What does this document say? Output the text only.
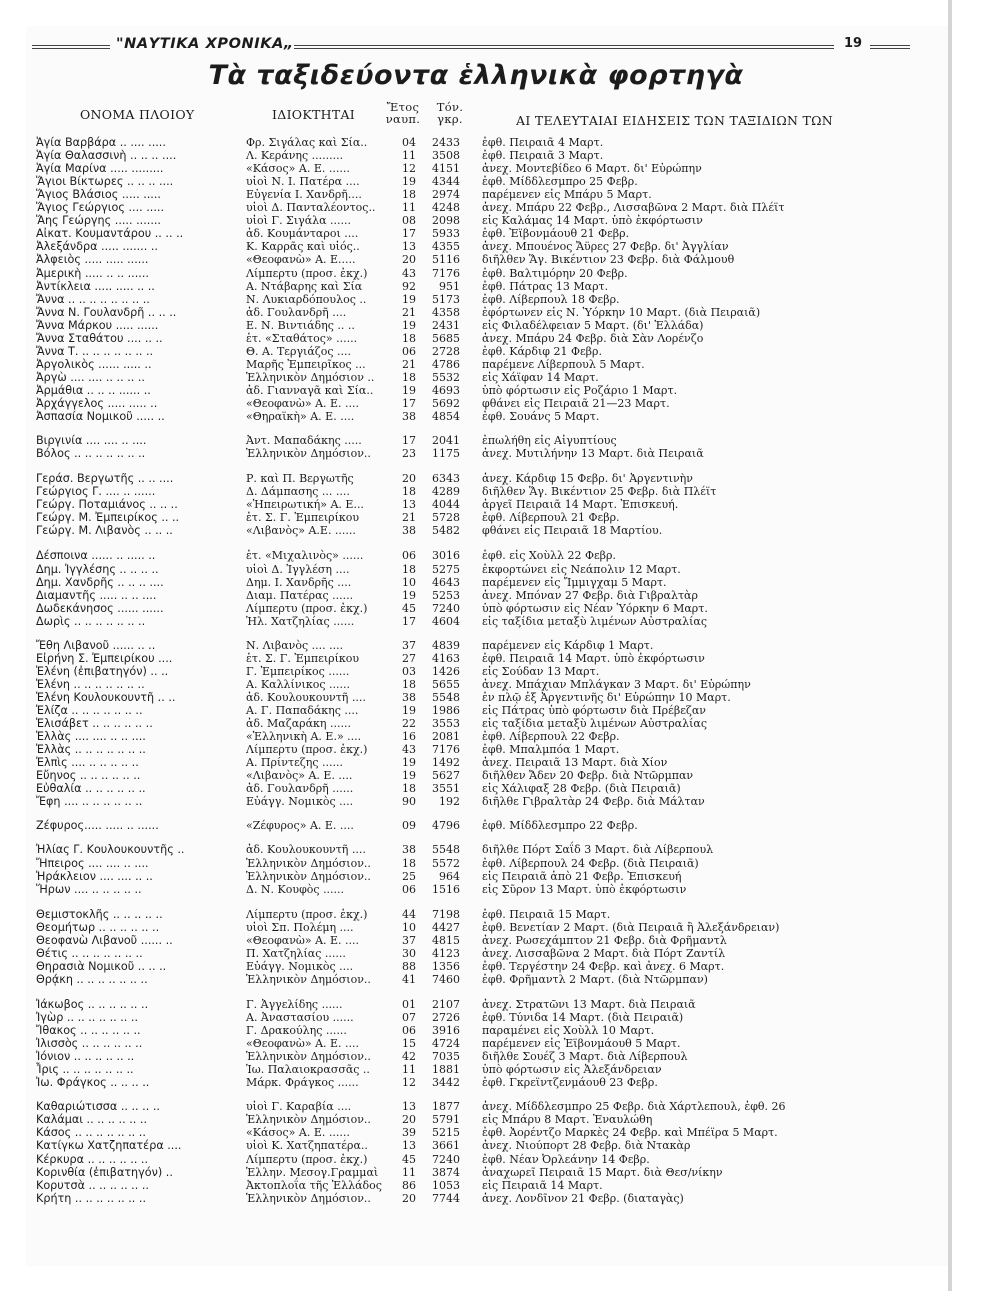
"ΝΑΥΤΙΚΑ ΧΡΟΝΙΚΑ„	19
Τὰ ταξιδεύοντα ἑλληνικὰ φορτηγὰ
ΟΝΟΜΑ ΠΛΟΙΟΥ	ΙΔΙΟΚΤΗΤΑΙ	Ἔτος
ναυπ.
Τόν.
γκρ.	ΑΙ ΤΕΛΕΥΤΑΙΑΙ ΕΙΔΗΣΕΙΣ ΤΩΝ ΤΑΞΙΔΙΩΝ ΤΩΝ
Ἁγία Βαρβάρα .. .... .....	Φρ. Σιγάλας καὶ Σία..	04	2433 ἐφθ. Πειραιᾶ 4 Μαρτ.
Ἁγία Θαλασσινὴ .. .. .. ....	Λ. Κεράνης .........	11	3508 ἐφθ. Πειραιᾶ 3 Μαρτ.
Ἁγία Μαρίνα ..... .........	«Κάσος» Α. Ε. ......	12	4151 ἀνεχ. Μοντεβίδεο 6 Μαρτ. δι' Εὐρώπην
Ἅγιοι Βίκτωρες .. .. .. ....	υἱοὶ Ν. Ι. Πατέρα ....	19	4344 ἐφθ. Μίδδλεσμπρο 25 Φεβρ.
Ἅγιος Βλάσιος ..... .....	Εὐγενία Ι. Χανδρῆ....	18	2974 παρέμενεν εἰς Μπάρυ 5 Μαρτ.
Ἅγιος Γεώργιος .... .....	υἱοὶ Δ. Πανταλέοντος..	11	4248 ἀνεχ. Μπάρυ 22 Φεβρ., Λισσαβῶνα 2 Μαρτ. διὰ Πλέϊτ
Ἅης Γεώργης ..... .......	υἱοὶ Γ. Σιγάλα ......	08	2098 εἰς Καλάμας 14 Μαρτ. ὑπὸ ἐκφόρτωσιν
Αἰκατ. Κουμαντάρου .. .. ..	ἀδ. Κουμάνταροι ....	17	5933 ἐφθ. Ἐϊβονμάουθ 21 Φεβρ.
Ἀλεξάνδρα ..... ....... ..	Κ. Καρρᾶς καὶ υἱός..	13	4355 ἀνεχ. Μπουένος Ἄϋρες 27 Φεβρ. δι' Ἀγγλίαν
Ἀλφειὸς ..... ..... ......	«Θεοφανὼ» Α. Ε.....	20	5116 διῆλθεν Ἅγ. Βικέντιον 23 Φεβρ. διὰ Φάλμουθ
Ἀμερικὴ ..... .. .. ......	Λίμπερτυ (προσ. ἐκχ.)	43	7176 ἐφθ. Βαλτιμόρην 20 Φεβρ.
Ἀντίκλεια ..... ..... .. ..	Α. Ντάβαρης καὶ Σία	92	951 ἐφθ. Πάτρας 13 Μαρτ.
Ἄννα .. .. .. .. .. .. .. ..	Ν. Λυκιαρδόπουλος ..	19	5173 ἐφθ. Λίβερπουλ 18 Φεβρ.
Ἄννα Ν. Γουλανδρῆ .. .. ..	ἀδ. Γουλανδρῆ ....	21	4358 ἐφόρτωνεν εἰς Ν. Ὑόρκην 10 Μαρτ. (διὰ Πειραιᾶ)
Ἄννα Μάρκου ..... ......	Ε. Ν. Βιντιάδης .. ..	19	2431 εἰς Φιλαδέλφειαν 5 Μαρτ. (δι' Ἑλλάδα)
Ἄννα Σταθάτου .... .. ..	ἑτ. «Σταθάτος» ......	18	5685 ἀνεχ. Μπάρυ 24 Φεβρ. διὰ Σὰν Λορένζο
Ἄννα Τ. .. .. .. .. .. .. ..	Θ. Α. Τεργιάζος ....	06	2728 ἐφθ. Κάρδιφ 21 Φεβρ.
Ἀργολικὸς ...... ..... ..	Μαρῆς Ἐμπειρῖκος ...	21	4786 παρέμενε Λίβερπουλ 5 Μαρτ.
Ἀργὼ .... .... .. .. .. ..	Ἑλληνικὸν Δημόσιον ..	18	5532 εἰς Χάϊφαν 14 Μαρτ.
Ἀρμάθια .. .. .. ...... ..	ἀδ. Γιανναγᾶ καὶ Σία..	19	4693 ὑπὸ φόρτωσιν εἰς Ροζάριο 1 Μαρτ.
Ἀρχάγγελος ..... ..... ..	«Θεοφανὼ» Α. Ε. ....	17	5692 φθάνει εἰς Πειραιᾶ 21—23 Μαρτ.
Ἀσπασία Νομικοῦ ..... ..	«Θηραϊκὴ» Α. Ε. ....	38	4854 ἐφθ. Σουάνς 5 Μαρτ.
Βιργινία .... .... .. ....	Ἀντ. Μαπαδάκης .....	17	2041 ἐπωλήθη εἰς Αἰγυπτίους
Βόλος .. .. .. .. .. .. ..	Ἑλληνικὸν Δημόσιον..	23	1175 ἀνεχ. Μυτιλήνην 13 Μαρτ. διὰ Πειραιᾶ
Γεράσ. Βεργωτῆς .. .. ....	Ρ. καὶ Π. Βεργωτῆς	20	6343 ἀνεχ. Κάρδιφ 15 Φεβρ. δι' Ἀργεντινὴν
Γεώργιος Γ. .... .. ......	Δ. Δάμπασης ... ....	18	4289 διῆλθεν Ἅγ. Βικέντιον 25 Φεβρ. διὰ Πλέϊτ
Γεώργ. Ποταμιάνος .. .. ..	«Ἠπειρωτική» Α. Ε...	13	4044 ἀργεῖ Πειραιᾶ 14 Μαρτ. Ἐπισκευή.
Γεώργ. Μ. Ἐμπειρίκος .. ..	ἑτ. Σ. Γ. Ἐμπειρίκου	21	5728 ἐφθ. Λίβερπουλ 21 Φεβρ.
Γεώργ. Μ. Λιβανὸς .. .. ..	«Λιβανὸς» Α.Ε. ......	38	5482 φθάνει εἰς Πειραιᾶ 18 Μαρτίου.
Δέσποινα ...... .. ..... ..	ἑτ. «Μιχαλινὸς» ......	06	3016 ἐφθ. εἰς Χοὺλλ 22 Φεβρ.
Δημ. Ἰγγλέσης .. .. .. ..	υἱοὶ Δ. Ἰγγλέση ....	18	5275 ἐκφορτώνει εἰς Νεάπολιν 12 Μαρτ.
Δημ. Χανδρῆς .. .. .. ....	Δημ. Ι. Χανδρῆς ....	10	4643 παρέμενεν εἰς Ἴμμιγχαμ 5 Μαρτ.
Διαμαντῆς ..... .. .. ....	Διαμ. Πατέρας ......	19	5253 ἀνεχ. Μπόναν 27 Φεβρ. διὰ Γιβραλτὰρ
Δωδεκάνησος ...... ......	Λίμπερτυ (προσ. ἐκχ.)	45	7240 ὑπὸ φόρτωσιν εἰς Νέαν Ὑόρκην 6 Μαρτ.
Δωρὶς .. .. .. .. .. .. ..	Ἠλ. Χατζηλίας ......	17	4604 εἰς ταξίδια μεταξὺ λιμένων Αὐστραλίας
Ἔθη Λιβανοῦ ...... .. ..	Ν. Λιβανὸς .... ....	37	4839 παρέμενεν εἰς Κάρδιφ 1 Μαρτ.
Εἰρήνη Σ. Ἐμπειρίκου ....	ἑτ. Σ. Γ. Ἐμπειρίκου	27	4163 ἐφθ. Πειραιᾶ 14 Μαρτ. ὑπὸ ἐκφόρτωσιν
Ἑλένη (ἐπιβατηγόν) .. ..	Γ. Ἐμπειρίκος ......	03	1426 εἰς Σούδαν 13 Μαρτ.
Ἑλένη .. .. .. .. .. .. ..	Α. Καλλίνικος ......	18	5655 ἀνεχ. Μπάχιαν Μπλάγκαν 3 Μαρτ. δι' Εὐρώπην
Ἑλένη Κουλουκουντῆ .. ..	ἀδ. Κουλουκουντῆ ....	38	5548 ἐν πλῷ ἐξ Ἀργεντινῆς δι' Εὐρώπην 10 Μαρτ.
Ἑλίζα .. .. .. .. .. .. ..	Α. Γ. Παπαδάκης ....	19	1986 εἰς Πάτρας ὑπὸ φόρτωσιν διὰ Πρέβεζαν
Ἑλισάβετ .. .. .. .. .. ..	ἀδ. Μαζαράκη ......	22	3553 εἰς ταξίδια μεταξὺ λιμένων Αὐστραλίας
Ἑλλὰς .... .... .. .. ....	«Ἑλληνικὴ Α. Ε.» ....	16	2081 ἐφθ. Λίβερπουλ 22 Φεβρ.
Ἑλλὰς .. .. .. .. .. .. ..	Λίμπερτυ (προσ. ἐκχ.)	43	7176 ἐφθ. Μπαλμπόα 1 Μαρτ.
Ἐλπὶς .... .. .. .. .. ..	Α. Πρίντεζης ......	19	1492 ἀνεχ. Πειραιᾶ 13 Μαρτ. διὰ Χίον
Εὔηνος .. .. .. .. .. ..	«Λιβανὸς» Α. Ε. ....	19	5627 διῆλθεν Ἄδεν 20 Φεβρ. διὰ Ντῶρμπαν
Εὐθαλία .. .. .. .. .. ..	ἀδ. Γουλανδρῆ ......	18	3551 εἰς Χάλιφαξ 28 Φεβρ. (διὰ Πειραιᾶ)
Ἔφη .... .. .. .. .. .. ..	Εὐάγγ. Νομικὸς ....	90	192 διῆλθε Γιβραλτὰρ 24 Φεβρ. διὰ Μάλταν
Ζέφυρος..... ..... .. ......	«Ζέφυρος» Α. Ε. ....	09	4796 ἐφθ. Μίδδλεσμπρο 22 Φεβρ.
Ἠλίας Γ. Κουλουκουντῆς ..	ἀδ. Κουλουκουντῆ ....	38	5548 διῆλθε Πόρτ Σαΐδ 3 Μαρτ. διὰ Λίβερπουλ
Ἤπειρος .... .... .. ....	Ἑλληνικὸν Δημόσιον..	18	5572 ἐφθ. Λίβερπουλ 24 Φεβρ. (διὰ Πειραιᾶ)
Ἡράκλειον .... .... .. ..	Ἑλληνικὸν Δημόσιον..	25	964 εἰς Πειραιᾶ ἀπὸ 21 Φεβρ. Ἐπισκευή
Ἥρων .... .. .. .. .. ..	Δ. Ν. Κουφὸς ......	06	1516 εἰς Σῦρον 13 Μαρτ. ὑπὸ ἐκφόρτωσιν
Θεμιστοκλῆς .. .. .. .. ..	Λίμπερτυ (προσ. ἐκχ.)	44	7198 ἐφθ. Πειραιᾶ 15 Μαρτ.
Θεομήτωρ .. .. .. .. .. ..	υἱοὶ Σπ. Πολέμη ....	10	4427 ἐφθ. Βενετίαν 2 Μαρτ. (διὰ Πειραιᾶ ἢ Ἀλεξάνδρειαν)
Θεοφανὼ Λιβανοῦ ...... ..	«Θεοφανὼ» Α. Ε. ....	37	4815 ἀνεχ. Ρωσεχάμπτον 21 Φεβρ. διὰ Φρῆμαντλ
Θέτις .. .. .. .. .. .. ..	Π. Χατζηλίας ......	30	4123 ἀνεχ. Λισσαβῶνα 2 Μαρτ. διὰ Πόρτ Ζαντίλ
Θηρασιὰ Νομικοῦ .. .. ..	Εὐάγγ. Νομικὸς ....	88	1356 ἐφθ. Τεργέστην 24 Φεβρ. καὶ ἀνεχ. 6 Μαρτ.
Θρᾴκη .. .. .. .. .. .. ..	Ἑλληνικὸν Δημόσιον..	41	7460 ἐφθ. Φρῆμαντλ 2 Μαρτ. (διὰ Ντῶρμπαν)
Ἰάκωβος .. .. .. .. .. ..	Γ. Ἀγγελίδης ......	01	2107 ἀνεχ. Στρατῶνι 13 Μαρτ. διὰ Πειραιᾶ
Ἰγὼρ .. .. .. .. .. .. ..	Α. Ἀναστασίου ......	07	2726 ἐφθ. Τύνιδα 14 Μαρτ. (διὰ Πειραιᾶ)
Ἴθακος .. .. .. .. .. ..	Γ. Δρακούλης ......	06	3916 παραμένει εἰς Χοὺλλ 10 Μαρτ.
Ἰλισσὸς .. .. .. .. .. ..	«Θεοφανὼ» Α. Ε. ....	15	4724 παρέμενεν εἰς Ἐϊβονμάουθ 5 Μαρτ.
Ἰόνιον .. .. .. .. .. ..	Ἑλληνικὸν Δημόσιον..	42	7035 διῆλθε Σουέζ 3 Μαρτ. διὰ Λίβερπουλ
Ἶρις .. .. .. .. .. .. ..	Ἰω. Παλαιοκρασσᾶς ..	11	1881 ὑπὸ φόρτωσιν εἰς Ἀλεξάνδρειαν
Ἰω. Φράγκος .. .. .. ..	Μάρκ. Φράγκος ......	12	3442 ἐφθ. Γκρεϊντζενμάουθ 23 Φεβρ.
Καθαριώτισσα .. .. .. ..	υἱοὶ Γ. Καραβία ....	13	1877 ἀνεχ. Μίδδλεσμπρο 25 Φεβρ. διὰ Χάρτλεπουλ, ἐφθ. 26
Καλάμαι .. .. .. .. .. ..	Ἑλληνικὸν Δημόσιον..	20	5791 εἰς Μπάρυ 8 Μαρτ. Ἐναυλώθη
Κάσος .. .. .. .. .. .. ..	«Κάσος» Α. Ε. ......	39	5215 ἐφθ. Ἀορέντζο Μαρκὲς 24 Φεβρ. καὶ Μπέϊρα 5 Μαρτ.
Κατίγκω Χατζηπατέρα ....	υἱοὶ Κ. Χατζηπατέρα..	13	3661 ἀνεχ. Νιούπορτ 28 Φεβρ. διὰ Ντακὰρ
Κέρκυρα .. .. .. .. .. ..	Λίμπερτυ (προσ. ἐκχ.)	45	7240 ἐφθ. Νέαν Ὀρλεάνην 14 Φεβρ.
Κορινθία (ἐπιβατηγόν) ..	Ἑλλην. Μεσογ.Γραμμαὶ	11	3874 ἀναχωρεῖ Πειραιᾶ 15 Μαρτ. διὰ Θεσ/νίκην
Κορυτσὰ .. .. .. .. .. ..	Ἀκτοπλοΐα τῆς Ἑλλάδος	86	1053 εἰς Πειραιᾶ 14 Μαρτ.
Κρήτη .. .. .. .. .. .. ..	Ἑλληνικὸν Δημόσιον..	20	7744 ἀνεχ. Λονδῖνον 21 Φεβρ. (διαταγὰς)
